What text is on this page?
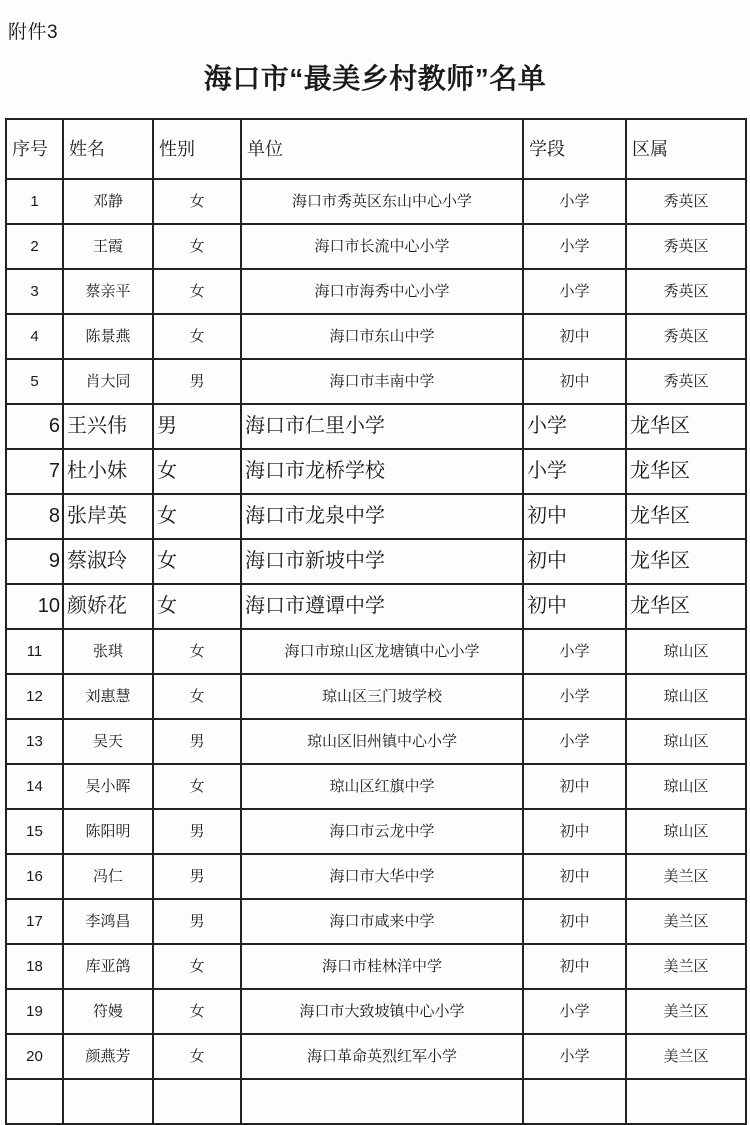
附件3
海口市“最美乡村教师”名单
序号	姓名	性别	单位	学段	区属
1	邓静	女	海口市秀英区东山中心小学	小学	秀英区
2	王霞	女	海口市长流中心小学	小学	秀英区
3	蔡亲平	女	海口市海秀中心小学	小学	秀英区
4	陈景燕	女	海口市东山中学	初中	秀英区
5	肖大同	男	海口市丰南中学	初中	秀英区
6	王兴伟	男	海口市仁里小学	小学	龙华区
7	杜小妹	女	海口市龙桥学校	小学	龙华区
8	张岸英	女	海口市龙泉中学	初中	龙华区
9	蔡淑玲	女	海口市新坡中学	初中	龙华区
10	颜娇花	女	海口市遵谭中学	初中	龙华区
11	张琪	女	海口市琼山区龙塘镇中心小学	小学	琼山区
12	刘惠慧	女	琼山区三门坡学校	小学	琼山区
13	吴天	男	琼山区旧州镇中心小学	小学	琼山区
14	吴小晖	女	琼山区红旗中学	初中	琼山区
15	陈阳明	男	海口市云龙中学	初中	琼山区
16	冯仁	男	海口市大华中学	初中	美兰区
17	李鸿昌	男	海口市咸来中学	初中	美兰区
18	库亚鸽	女	海口市桂林洋中学	初中	美兰区
19	符嫚	女	海口市大致坡镇中心小学	小学	美兰区
20	颜燕芳	女	海口革命英烈红军小学	小学	美兰区
